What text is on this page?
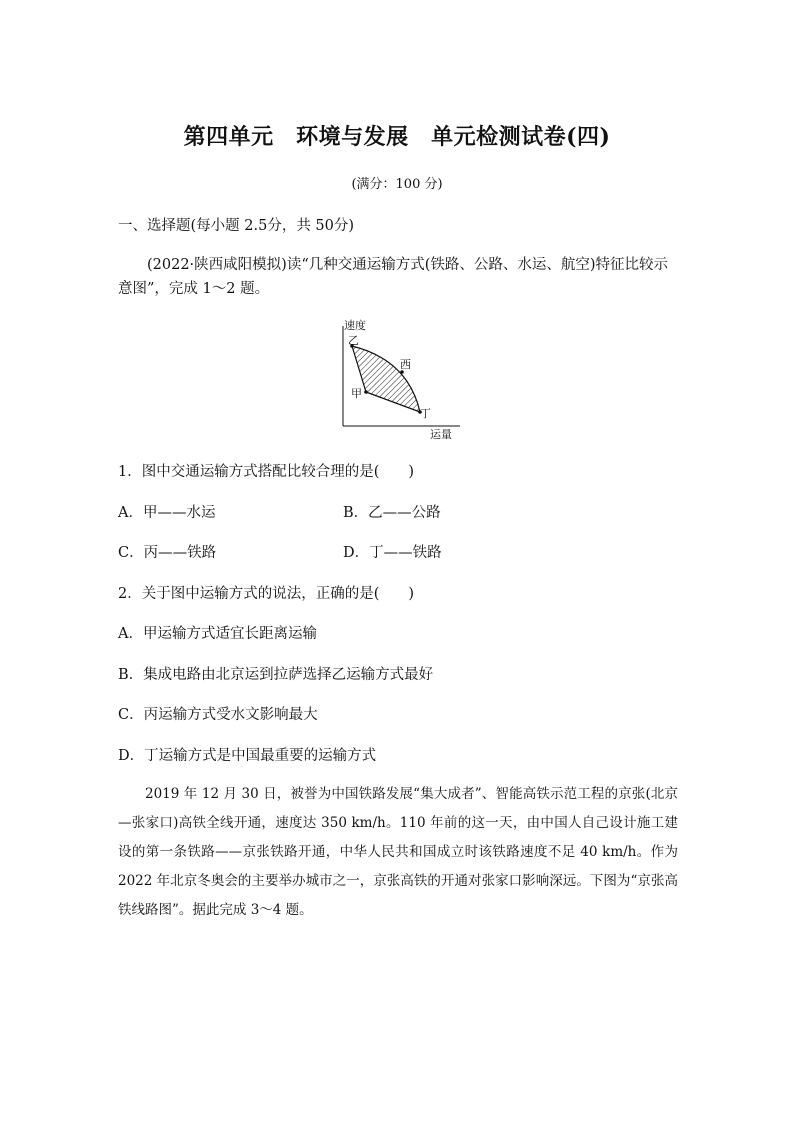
第四单元　环境与发展　单元检测试卷(四)
(满分：100 分)
一、选择题(每小题 2.5分，共 50分)
(2022·陕西咸阳模拟)读“几种交通运输方式(铁路、公路、水运、航空)特征比较示意图”，完成 1～2 题。
速度
运量
乙
西
甲
丁
1．图中交通运输方式搭配比较合理的是(　　)
A．甲——水运	B．乙——公路
C．丙——铁路	D．丁——铁路
2．关于图中运输方式的说法，正确的是(　　)
A．甲运输方式适宜长距离运输
B．集成电路由北京运到拉萨选择乙运输方式最好
C．丙运输方式受水文影响最大
D．丁运输方式是中国最重要的运输方式
2019 年 12 月 30 日，被誉为中国铁路发展“集大成者”、智能高铁示范工程的京张(北京—张家口)高铁全线开通，速度达 350 km/h。110 年前的这一天，由中国人自己设计施工建设的第一条铁路——京张铁路开通，中华人民共和国成立时该铁路速度不足 40 km/h。作为 2022 年北京冬奥会的主要举办城市之一，京张高铁的开通对张家口影响深远。下图为“京张高铁线路图”。据此完成 3～4 题。
